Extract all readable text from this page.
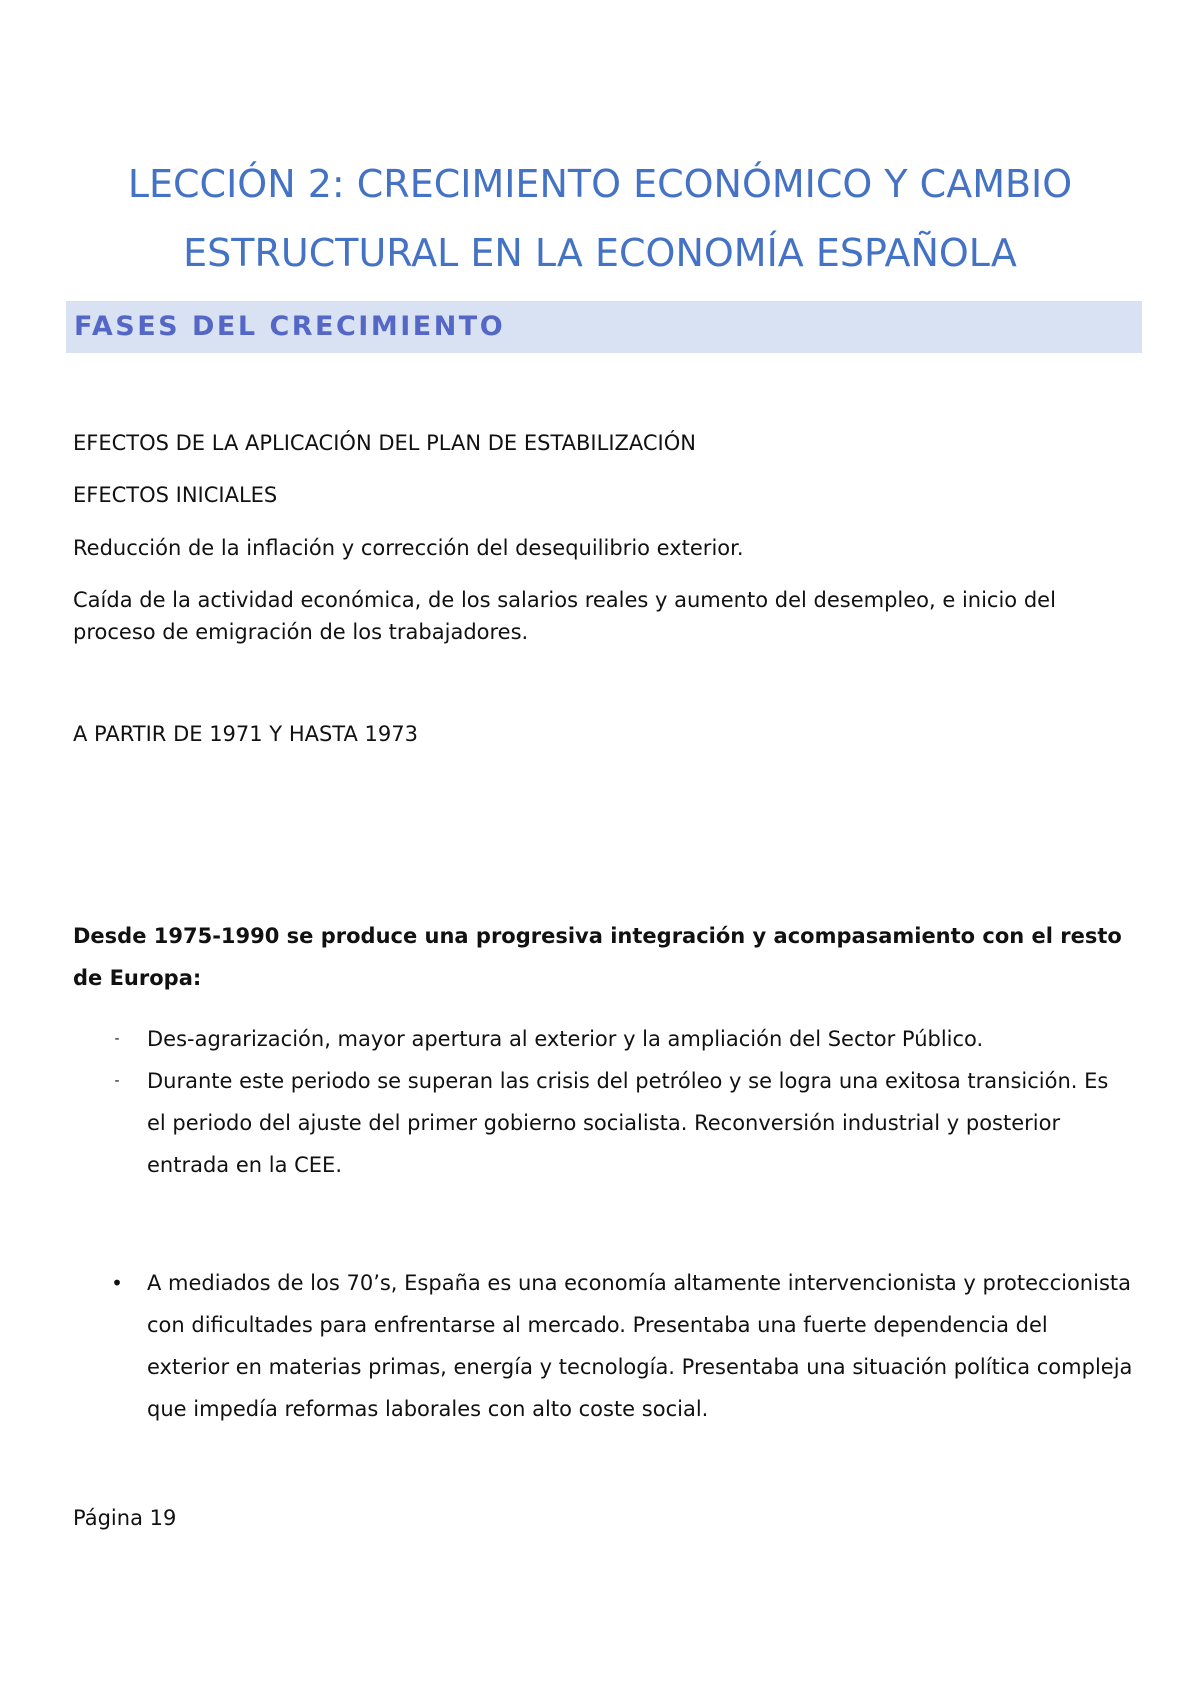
LECCIÓN 2: CRECIMIENTO ECONÓMICO Y CAMBIO ESTRUCTURAL EN LA ECONOMÍA ESPAÑOLA
FASES DEL CRECIMIENTO

EFECTOS DE LA APLICACIÓN DEL PLAN DE ESTABILIZACIÓN

EFECTOS INICIALES

Reducción de la inflación y corrección del desequilibrio exterior.

Caída de la actividad económica, de los salarios reales y aumento del desempleo, e inicio del proceso de emigración de los trabajadores.

A PARTIR DE 1971 Y HASTA 1973

Desde 1975-1990 se produce una progresiva integración y acompasamiento con el resto de Europa:

-	Des-agrarización, mayor apertura al exterior y la ampliación del Sector Público.
-	Durante este periodo se superan las crisis del petróleo y se logra una exitosa transición. Es el periodo del ajuste del primer gobierno socialista. Reconversión industrial y posterior entrada en la CEE.
• A mediados de los 70’s, España es una economía altamente intervencionista y proteccionista con dificultades para enfrentarse al mercado. Presentaba una fuerte dependencia del exterior en materias primas, energía y tecnología. Presentaba una situación política compleja que impedía reformas laborales con alto coste social.

Página 19
